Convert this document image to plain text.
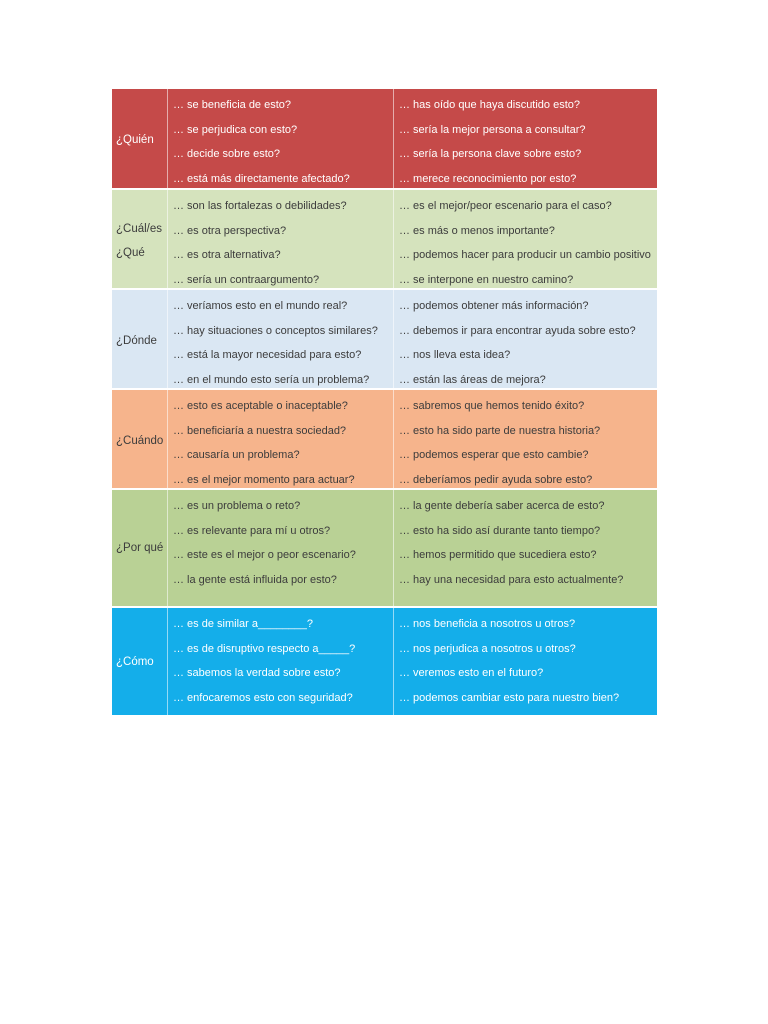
¿Quién
… se beneficia de esto?
… se perjudica con esto?
… decide sobre esto?
… está más directamente afectado?
… has oído que haya discutido esto?
… sería la mejor persona a consultar?
… sería la persona clave sobre esto?
… merece reconocimiento por esto?
¿Cuál/es
¿Qué
… son las fortalezas o debilidades?
… es otra perspectiva?
… es otra alternativa?
… sería un contraargumento?
… es el mejor/peor escenario para el caso?
… es más o menos importante?
… podemos hacer para producir un cambio positivo
… se interpone en nuestro camino?
¿Dónde
… veríamos esto en el mundo real?
… hay situaciones o conceptos similares?
… está la mayor necesidad para esto?
… en el mundo esto sería un problema?
… podemos obtener más información?
… debemos ir para encontrar ayuda sobre esto?
… nos lleva esta idea?
… están las áreas de mejora?
¿Cuándo
… esto es aceptable o inaceptable?
… beneficiaría a nuestra sociedad?
… causaría un problema?
… es el mejor momento para actuar?
… sabremos que hemos tenido éxito?
… esto ha sido parte de nuestra historia?
… podemos esperar que esto cambie?
… deberíamos pedir ayuda sobre esto?
¿Por qué
… es un problema o reto?
… es relevante para mí u otros?
… este es el mejor o peor escenario?
… la gente está influida por esto?
… la gente debería saber acerca de esto?
… esto ha sido así durante tanto tiempo?
… hemos permitido que sucediera esto?
… hay una necesidad para esto actualmente?
¿Cómo
… es de similar a________?
… es de disruptivo respecto a_____?
… sabemos la verdad sobre esto?
… enfocaremos esto con seguridad?
… nos beneficia a nosotros u otros?
… nos perjudica a nosotros u otros?
… veremos esto en el futuro?
… podemos cambiar esto para nuestro bien?
